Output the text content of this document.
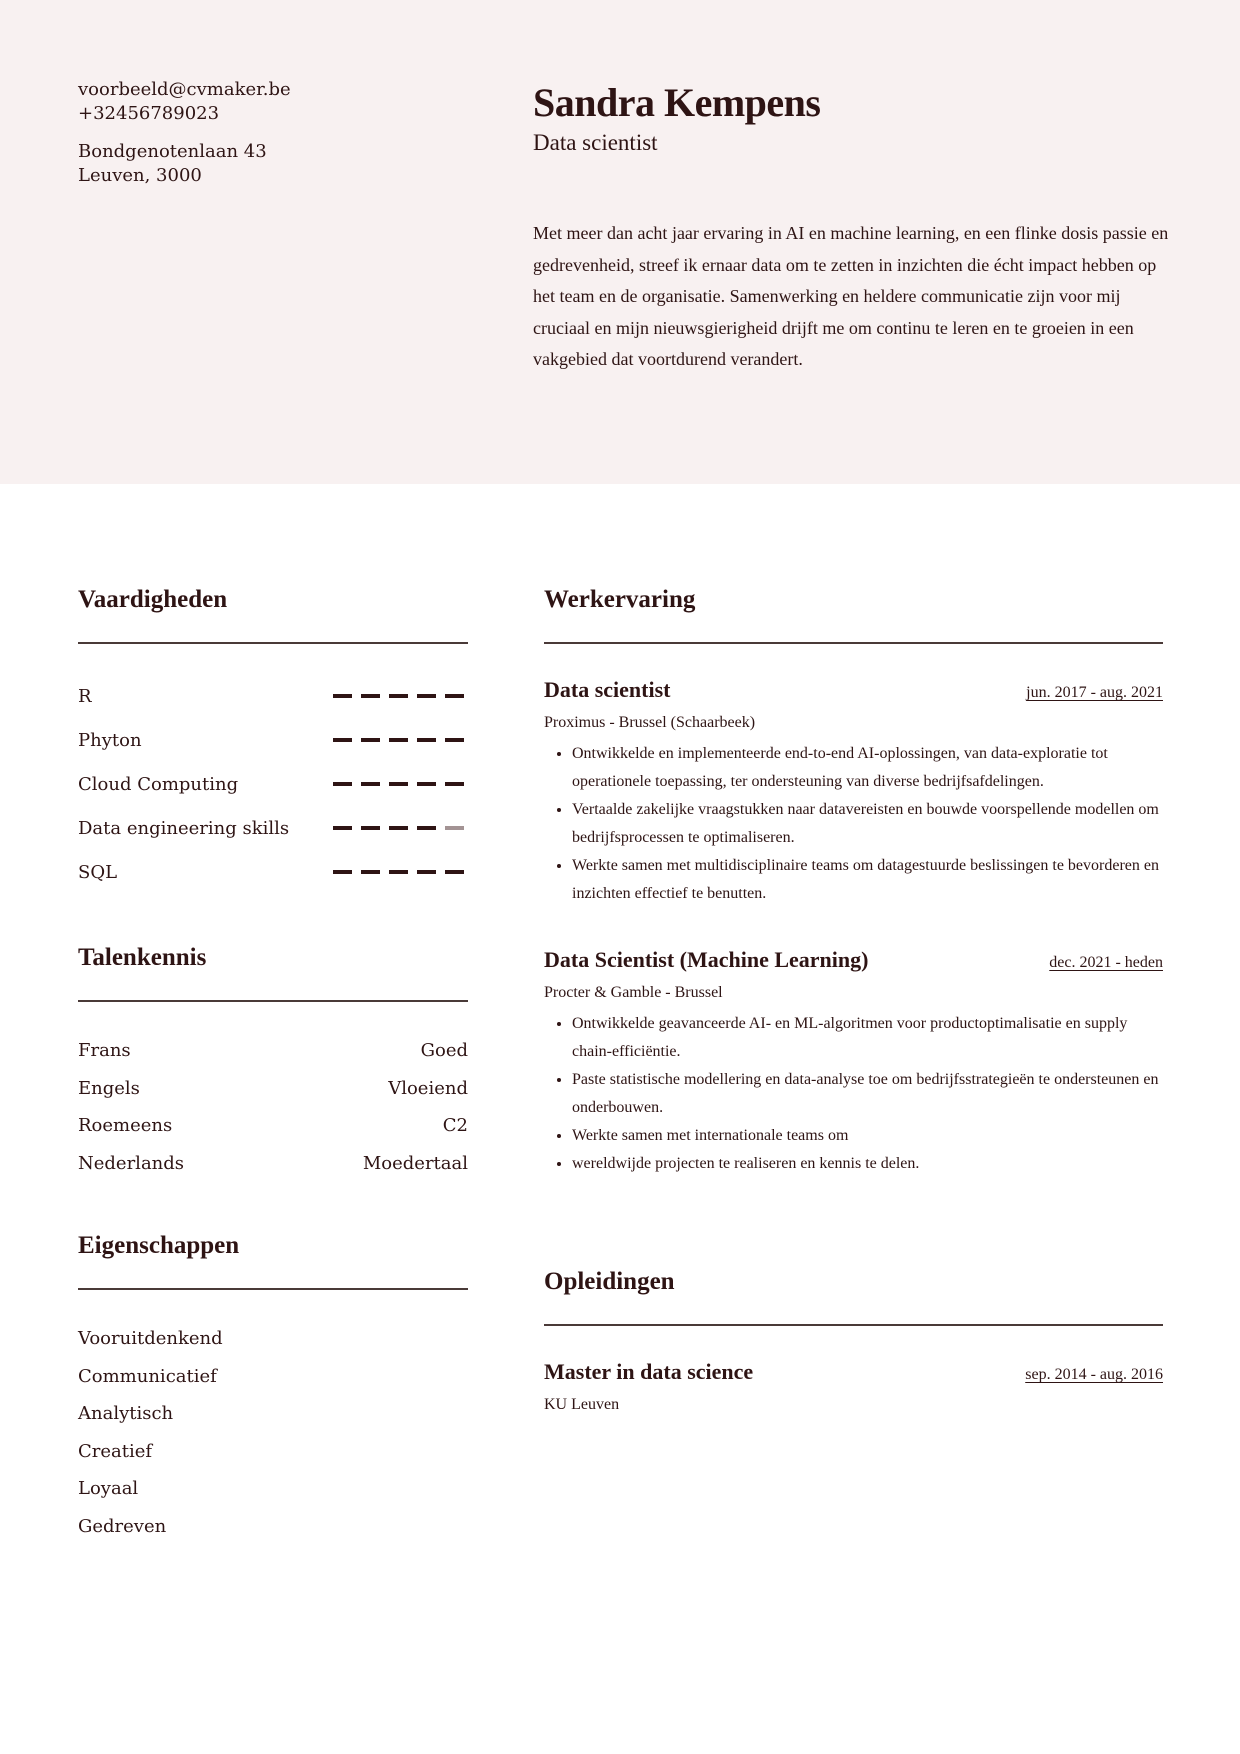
voorbeeld@cvmaker.be
+32456789023
Bondgenotenlaan 43
Leuven, 3000
Sandra Kempens
Data scientist
Met meer dan acht jaar ervaring in AI en machine learning, en een flinke dosis passie en gedrevenheid, streef ik ernaar data om te zetten in inzichten die écht impact hebben op het team en de organisatie. Samenwerking en heldere communicatie zijn voor mij cruciaal en mijn nieuwsgierigheid drijft me om continu te leren en te groeien in een vakgebied dat voortdurend verandert.
Vaardigheden
R
Phyton
Cloud Computing
Data engineering skills
SQL
Talenkennis
Frans	Goed
Engels	Vloeiend
Roemeens	C2
Nederlands	Moedertaal
Eigenschappen
Vooruitdenkend
Communicatief
Analytisch
Creatief
Loyaal
Gedreven
Werkervaring
Data scientist	jun. 2017 - aug. 2021
Proximus - Brussel (Schaarbeek)
• Ontwikkelde en implementeerde end-to-end AI-oplossingen, van data-exploratie tot operationele toepassing, ter ondersteuning van diverse bedrijfsafdelingen.
• Vertaalde zakelijke vraagstukken naar datavereisten en bouwde voorspellende modellen om bedrijfsprocessen te optimaliseren.
• Werkte samen met multidisciplinaire teams om datagestuurde beslissingen te bevorderen en inzichten effectief te benutten.
Data Scientist (Machine Learning)	dec. 2021 - heden
Procter & Gamble - Brussel
• Ontwikkelde geavanceerde AI- en ML-algoritmen voor productoptimalisatie en supply chain-efficiëntie.
• Paste statistische modellering en data-analyse toe om bedrijfsstrategieën te ondersteunen en onderbouwen.
• Werkte samen met internationale teams om
• wereldwijde projecten te realiseren en kennis te delen.
Opleidingen
Master in data science	sep. 2014 - aug. 2016
KU Leuven
